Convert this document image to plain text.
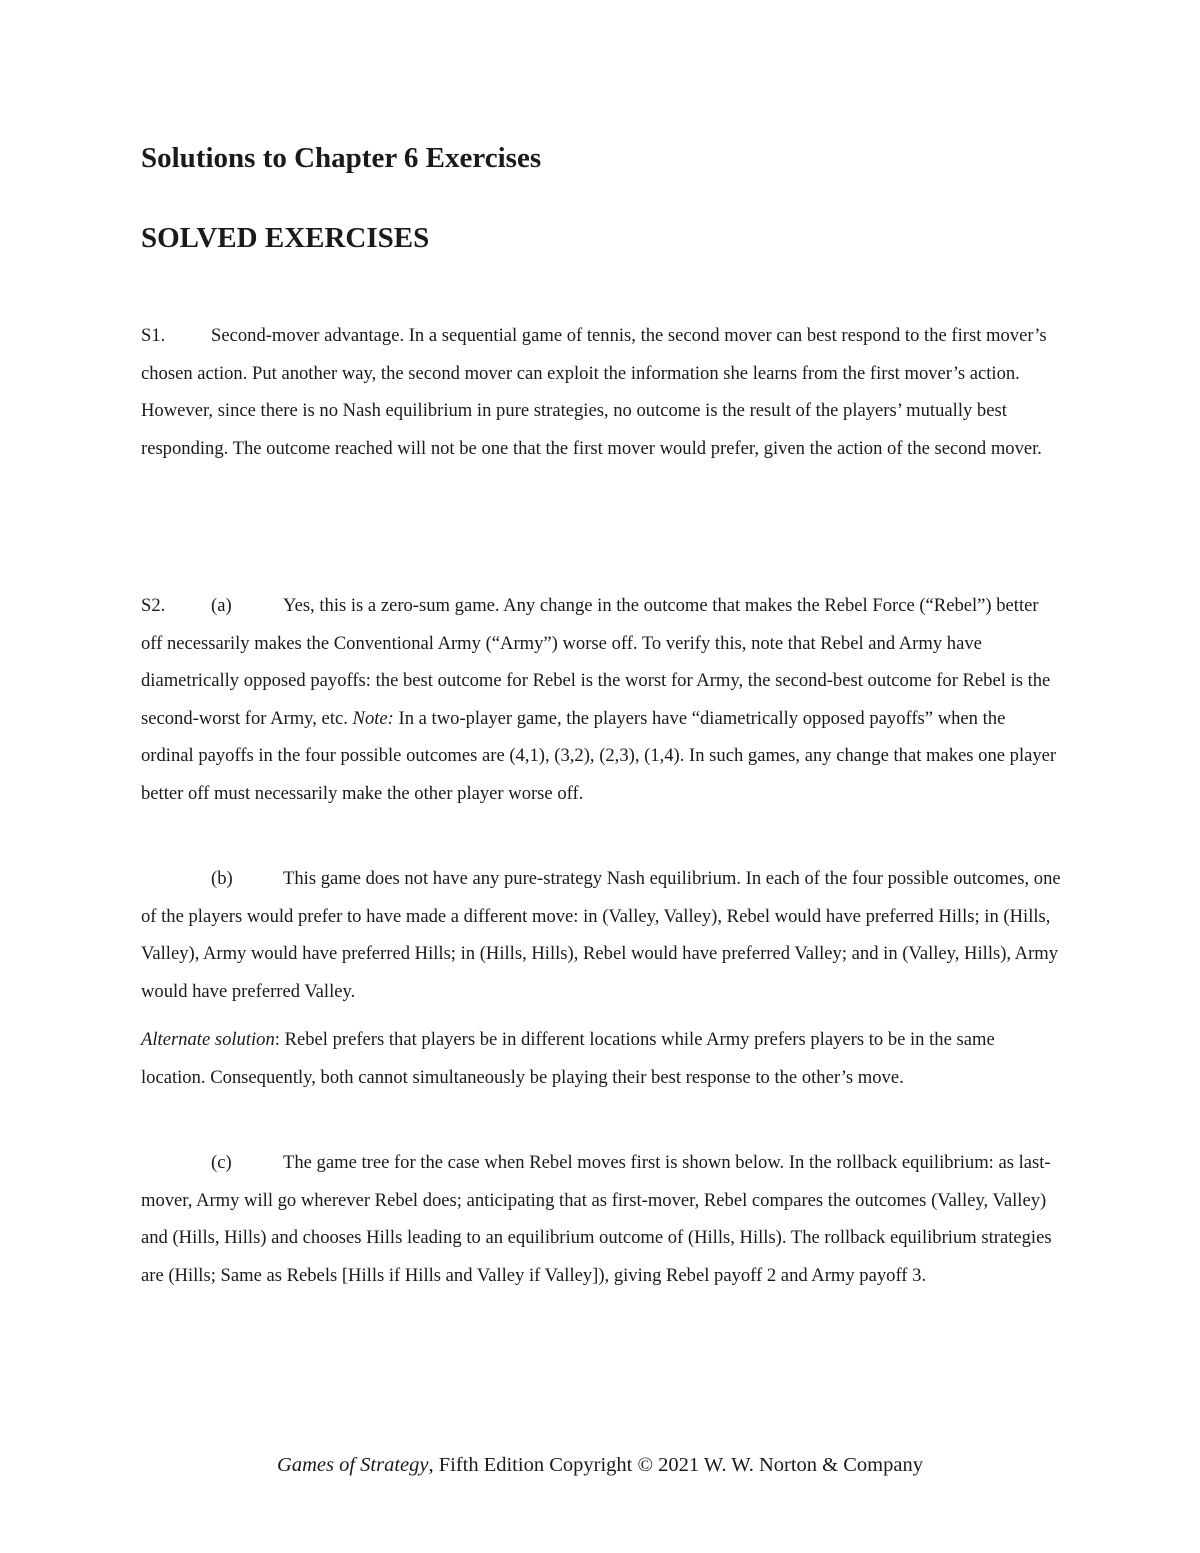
Solutions to Chapter 6 Exercises
SOLVED EXERCISES

S1. Second-mover advantage. In a sequential game of tennis, the second mover can best respond to the first mover’s chosen action. Put another way, the second mover can exploit the information she learns from the first mover’s action. However, since there is no Nash equilibrium in pure strategies, no outcome is the result of the players’ mutually best responding. The outcome reached will not be one that the first mover would prefer, given the action of the second mover.

S2. (a)	Yes, this is a zero-sum game. Any change in the outcome that makes the Rebel Force (“Rebel”) better off necessarily makes the Conventional Army (“Army”) worse off. To verify this, note that Rebel and Army have diametrically opposed payoffs: the best outcome for Rebel is the worst for Army, the second-best outcome for Rebel is the second-worst for Army, etc. Note: In a two-player game, the players have “diametrically opposed payoffs” when the ordinal payoffs in the four possible outcomes are (4,1), (3,2), (2,3), (1,4). In such games, any change that makes one player better off must necessarily make the other player worse off.

(b)	This game does not have any pure-strategy Nash equilibrium. In each of the four possible outcomes, one of the players would prefer to have made a different move: in (Valley, Valley), Rebel would have preferred Hills; in (Hills, Valley), Army would have preferred Hills; in (Hills, Hills), Rebel would have preferred Valley; and in (Valley, Hills), Army would have preferred Valley.

Alternate solution: Rebel prefers that players be in different locations while Army prefers players to be in the same location. Consequently, both cannot simultaneously be playing their best response to the other’s move.

(c)	The game tree for the case when Rebel moves first is shown below. In the rollback equilibrium: as last-mover, Army will go wherever Rebel does; anticipating that as first-mover, Rebel compares the outcomes (Valley, Valley) and (Hills, Hills) and chooses Hills leading to an equilibrium outcome of (Hills, Hills). The rollback equilibrium strategies are (Hills; Same as Rebels [Hills if Hills and Valley if Valley]), giving Rebel payoff 2 and Army payoff 3.

Games of Strategy, Fifth Edition Copyright © 2021 W. W. Norton & Company
